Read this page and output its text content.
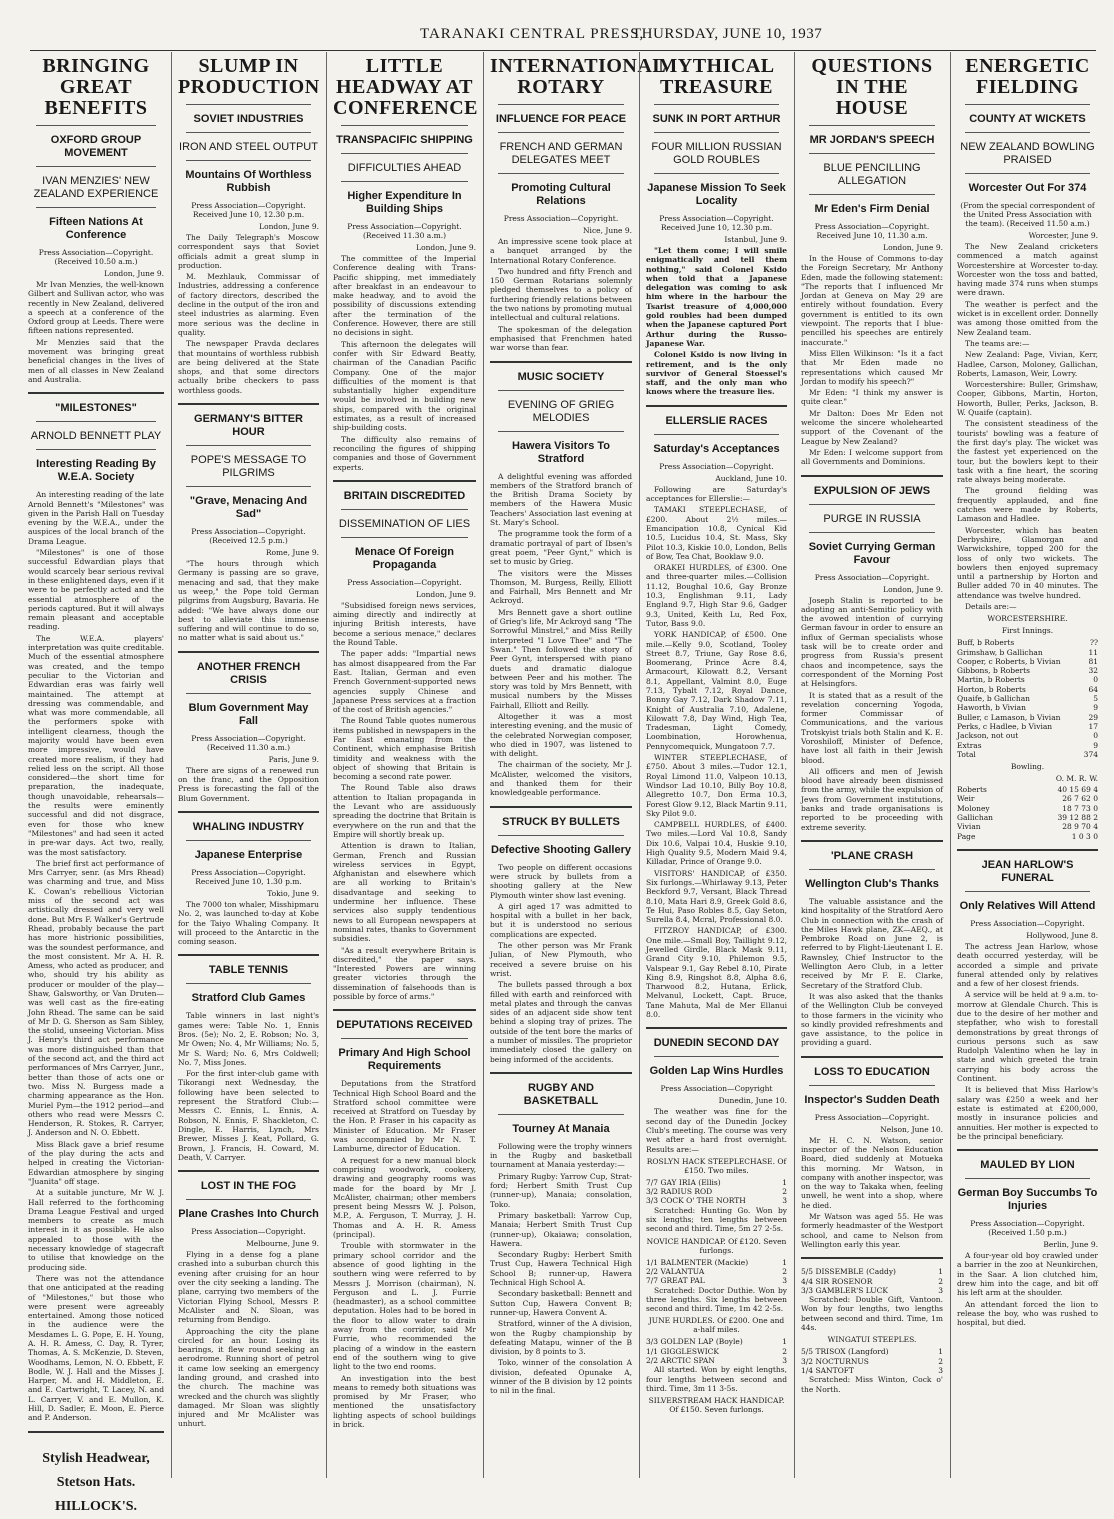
TARANAKI CENTRAL PRESS,
THURSDAY, JUNE 10, 1937
BRINGING GREAT BENEFITS
OXFORD GROUP MOVEMENT
IVAN MENZIES' NEW ZEALAND EXPERIENCE
Fifteen Nations At Conference
Press Association—Copyright. (Received 10.50 a.m.)
London, June 9.

Mr Ivan Menzies, the well-known Gilbert and Sullivan actor, who was recently in New Zealand, delivered a speech at a conference of the Oxford group at Leeds. There were fifteen nations represented.

Mr Menzies said that the movement was bringing great beneficial changes in the lives of men of all classes in New Zealand and Australia.

"MILESTONES"
ARNOLD BENNETT PLAY
Interesting Reading By W.E.A. Society

An interesting reading of the late Arnold Bennett's "Milestones" was given in the Parish Hall on Tuesday evening by the W.E.A., under the auspices of the local branch of the Drama League.

"Milestones" is one of those successful Edwardian plays that would scarcely bear serious revival in these enlightened days, even if it were to be perfectly acted and the essential atmosphere of the periods captured. But it will always remain pleasant and acceptable reading.

The W.E.A. players' interpretation was quite creditable. Much of the essential atmosphere was created, and the tempo peculiar to the Victorian and Edwardian eras was fairly well maintained. The attempt at dressing was commendable, and what was more commendable, all the performers spoke with intelligent clearness, though the majority would have been even more impressive, would have created more realism, if they had relied less on the script. All those considered—the short time for preparation, the inadequate, though unavoidable, rehearsals—the results were eminently successful and did not disgrace, even for those who knew "Milestones" and had seen it acted in pre-war days. Act two, really, was the most satisfactory.

The brief first act performance of Mrs Carryer, senr. (as Mrs Rhead) was charming and true, and Miss K. Cowan's rebellious Victorian miss of the second act was artistically dressed and very well done. But Mrs F. Walker's Gertrude Rhead, probably because the part has more histrionic possibilities, was the soundest performance, and the most consistent. Mr A. H. R. Amess, who acted as producer, and who, should try his ability as producer or moulder of the play—Shaw, Galsworthy, or Van Druten—was well cast as the fire-eating John Rhead. The same can be said of Mr D. G. Sherson as Sam Sibley, the stolid, unseeing Victorian. Miss J. Henry's third act performance was more distinguished than that of the second act, and the third act performances of Mrs Carryer, Junr., better than those of acts one or two. Miss N. Burgess made a charming appearance as the Hon. Muriel Pym—the 1912 period—and others who read were Messrs C. Henderson, R. Stokes, R. Carryer, J. Anderson and N. O. Ebbett.

Miss Black gave a brief resume of the play during the acts and helped in creating the Victorian-Edwardian atmosphere by singing "Juanita" off stage.

At a suitable juncture, Mr W. J. Hall referred to the forthcoming Drama League Festival and urged members to create as much interest in it as possible. He also appealed to those with the necessary knowledge of stagecraft to utilise that knowledge on the producing side.

There was not the attendance that one anticipated at the reading of "Milestones," but those who were present were agreeably entertained. Among those noticed in the audience were the Mesdames L. G. Pope, E. H. Young, A. H. R. Amess, C. Day, R. Tyrer, Thomas, A. S. McKenzie, D. Steven, Woodhams, Lemon, N. O. Ebbett, F. Bodle, W. J. Hall and the Misses J. Harper, M. and H. Middleton, E. and E. Cartwright, T. Lacey, N. and L. Carryer, V. and E. Mullon, K. Hill, D. Sadler, E. Moon, E. Pierce and P. Anderson.

Stylish Headwear,
Stetson Hats.
HILLOCK'S.
SLUMP IN PRODUCTION
SOVIET INDUSTRIES
IRON AND STEEL OUTPUT
Mountains Of Worthless Rubbish
Press Association—Copyright. Received June 10, 12.30 p.m.
London, June 9.

The Daily Telegraph's Moscow correspondent says that Soviet officials admit a great slump in production.

M. Mezhlauk, Commissar of Industries, addressing a conference of factory directors, described the decline in the output of the iron and steel industries as alarming. Even more serious was the decline in quality.

The newspaper Pravda declares that mountains of worthless rubbish are being delivered at the State shops, and that some directors actually bribe checkers to pass worthless goods.

GERMANY'S BITTER HOUR
POPE'S MESSAGE TO PILGRIMS
"Grave, Menacing And Sad"
Press Association—Copyright. (Received 12.5 p.m.)
Rome, June 9.

"The hours through which Germany is passing are so grave, menacing and sad, that they make us weep," the Pope told German pilgrims from Augsburg, Bavaria. He added: "We have always done our best to alleviate this immense suffering and will continue to do so, no matter what is said about us."

ANOTHER FRENCH CRISIS
Blum Government May Fall
Press Association—Copyright. (Received 11.30 a.m.)
Paris, June 9.

There are signs of a renewed run on the franc, and the Opposition Press is forecasting the fall of the Blum Government.

WHALING INDUSTRY
Japanese Enterprise
Press Association—Copyright. Received June 10, 1.30 p.m.
Tokio, June 9.

The 7000 ton whaler, Misshipmaru No. 2, was launched to-day at Kobe for the Taiyo Whaling Company. It will proceed to the Antarctic in the coming season.

TABLE TENNIS
Stratford Club Games

Table winners in last night's games were: Table No. 1, Ennis Bros. (5e); No. 2, E. Robson; No. 3, Mr Owen; No. 4, Mr Williams; No. 5, Mr S. Ward; No. 6, Mrs Coldwell; No. 7, Miss Jones.

For the first inter-club game with Tikorangi next Wednesday, the following have been selected to represent the Stratford Club:—Messrs C. Ennis, L. Ennis, A. Robson, N. Ennis, F. Shackleton, C. Dingle, E. Harris, Lynch, Mrs Brewer, Misses J. Keat, Pollard, G. Brown, J. Francis, H. Coward, M. Death, V. Carryer.

LOST IN THE FOG
Plane Crashes Into Church
Press Association—Copyright.
Melbourne, June 9.

Flying in a dense fog a plane crashed into a suburban church this evening after cruising for an hour over the city seeking a landing. The plane, carrying two members of the Victorian Flying School, Messrs P. McAlister and N. Sloan, was returning from Bendigo.

Approaching the city the plane circled for an hour. Losing its bearings, it flew round seeking an aerodrome. Running short of petrol it came low seeking an emergency landing ground, and crashed into the church. The machine was wrecked and the church was slightly damaged. Mr Sloan was slightly injured and Mr McAlister was unhurt.

LITTLE HEADWAY AT CONFERENCE
TRANSPACIFIC SHIPPING
DIFFICULTIES AHEAD
Higher Expenditure In Building Ships
Press Association—Copyright. (Received 11.30 a.m.)
London, June 9.

The committee of the Imperial Conference dealing with Trans-Pacific shipping, met immediately after breakfast in an endeavour to make headway, and to avoid the possibility of discussions extending after the termination of the Conference. However, there are still no decisions in sight.

This afternoon the delegates will confer with Sir Edward Beatty, chairman of the Canadian Pacific Company. One of the major difficulties of the moment is that substantially higher expenditure would be involved in building new ships, compared with the original estimates, as a result of increased ship-building costs.

The difficulty also remains of reconciling the figures of shipping companies and those of Government experts.

BRITAIN DISCREDITED
DISSEMINATION OF LIES
Menace Of Foreign Propaganda
Press Association—Copyright.
London, June 9.

"Subsidised foreign news services, aiming directly and indirectly at injuring British interests, have become a serious menace," declares the Round Table.

The paper adds: "Impartial news has almost disappeared from the Far East. Italian, German and even French Government-supported news agencies supply Chinese and Japanese Press services at a fraction of the cost of British agencies."

The Round Table quotes numerous items published in newspapers in the Far East emanating from the Continent, which emphasise British timidity and weakness with the object of showing that Britain is becoming a second rate power.

The Round Table also draws attention to Italian propaganda in the Levant who are assiduously spreading the doctrine that Britain is everywhere on the run and that the Empire will shortly break up.

Attention is drawn to Italian, German, French and Russian wireless services in Egypt, Afghanistan and elsewhere which are all working to Britain's disadvantage and seeking to undermine her influence. These services also supply tendentious news to all European newspapers at nominal rates, thanks to Government subsidies.

"As a result everywhere Britain is discredited," the paper says. "Interested Powers are winning greater victories through the dissemination of falsehoods than is possible by force of arms."

DEPUTATIONS RECEIVED
Primary And High School Requirements

Deputations from the Stratford Technical High School Board and the Stratford school committee were received at Stratford on Tuesday by the Hon. P. Fraser in his capacity as Minister of Education. Mr Fraser was accompanied by Mr N. T. Lamburne, director of Education.

A request for a new manual block comprising woodwork, cookery, drawing and geography rooms was made for the board by Mr J. McAlister, chairman; other members present being Messrs W. J. Polson, M.P., A. Ferguson, T. Murray, J. H. Thomas and A. H. R. Amess (principal).

Trouble with stormwater in the primary school corridor and the absence of good lighting in the southern wing were referred to by Messrs J. Morrison (chairman), N. Ferguson and L. J. Furrie (headmaster), as a school committee deputation. Holes had to be bored in the floor to allow water to drain away from the corridor, said Mr Furrie, who recommended the placing of a window in the eastern end of the southern wing to give light to the two end rooms.

An investigation into the best means to remedy both situations was promised by Mr Fraser, who mentioned the unsatisfactory lighting aspects of school buildings in brick.

INTERNATIONAL ROTARY
INFLUENCE FOR PEACE
FRENCH AND GERMAN DELEGATES MEET
Promoting Cultural Relations
Press Association—Copyright.
Nice, June 9.

An impressive scene took place at a banquet arranged by the International Rotary Conference.

Two hundred and fifty French and 150 German Rotarians solemnly pledged themselves to a policy of furthering friendly relations between the two nations by promoting mutual intellectual and cultural relations.

The spokesman of the delegation emphasised that Frenchmen hated war worse than fear.

MUSIC SOCIETY
EVENING OF GRIEG MELODIES
Hawera Visitors To Stratford

A delightful evening was afforded members of the Stratford branch of the British Drama Society by members of the Hawera Music Teachers' Association last evening at St. Mary's School.

The programme took the form of a dramatic portrayal of part of Ibsen's great poem, "Peer Gynt," which is set to music by Grieg.

The visitors were the Misses Thomson, M. Burgess, Reilly, Elliott and Fairhall, Mrs Bennett and Mr Ackroyd.

Mrs Bennett gave a short outline of Grieg's life, Mr Ackroyd sang "The Sorrowful Minstrel," and Miss Reilly interpreted "I Love Thee" and "The Swan." Then followed the story of Peer Gynt, interspersed with piano duets and dramatic dialogue between Peer and his mother. The story was told by Mrs Bennett, with musical numbers by the Misses Fairhall, Elliott and Reilly.

Altogether it was a most interesting evening, and the music of the celebrated Norwegian composer, who died in 1907, was listened to with delight.

The chairman of the society, Mr J. McAlister, welcomed the visitors, and thanked them for their knowledgeable performance.

STRUCK BY BULLETS
Defective Shooting Gallery

Two people on different occasions were struck by bullets from a shooting gallery at the New Plymouth winter show last evening.

A girl aged 17 was admitted to hospital with a bullet in her back, but it is understood no serious complications are expected.

The other person was Mr Frank Julian, of New Plymouth, who received a severe bruise on his wrist.

The bullets passed through a box filled with earth and reinforced with metal plates and through the canvas sides of an adjacent side show tent behind a sloping tray of prizes. The outside of the tent bore the marks of a number of missiles. The proprietor immediately closed the gallery on being informed of the accidents.

RUGBY AND BASKETBALL
Tourney At Manaia

Following were the trophy winners in the Rugby and basketball tournament at Manaia yesterday:—

Primary Rugby: Yarrow Cup, Strat-ford; Herbert Smith Trust Cup (runner-up), Manaia; consolation, Toko.

Primary basketball: Yarrow Cup, Manaia; Herbert Smith Trust Cup (runner-up), Okaiawa; consolation, Hawera.

Secondary Rugby: Herbert Smith Trust Cup, Hawera Technical High School B; runner-up, Hawera Technical High School A.

Secondary basketball: Bennett and Sutton Cup, Hawera Convent B; runner-up, Hawera Convent A.

Stratford, winner of the A division, won the Rugby championship by defeating Matapu, winner of the B division, by 8 points to 3.

Toko, winner of the consolation A division, defeated Opunake A, winner of the B division by 12 points to nil in the final.

MYTHICAL TREASURE
SUNK IN PORT ARTHUR
FOUR MILLION RUSSIAN GOLD ROUBLES
Japanese Mission To Seek Locality
Press Association—Copyright. Received June 10, 12.30 p.m.
Istanbul, June 9.

"Let them come; I will smile enigmatically and tell them nothing," said Colonel Ksido when told that a Japanese delegation was coming to ask him where in the harbour the Tsarist treasure of 4,000,000 gold roubles had been dumped when the Japanese captured Port Arthur during the Russo-Japanese War.

Colonel Ksido is now living in retirement, and is the only survivor of General Stoessel's staff, and the only man who knows where the treasure lies.

ELLERSLIE RACES
Saturday's Acceptances
Press Association—Copyright.
Auckland, June 10.

Following are Saturday's acceptances for Ellerslie:—

TAMAKI STEEPLECHASE, of £200. About 2½ miles.—Emancipation 10.8, Cynical Kid 10.5, Lucidus 10.4, St. Mass, Sky Pilot 10.3, Kiskie 10.0, London, Bells of Bow, Tea Chat, Booklaw 9.0.

ORAKEI HURDLES, of £300. One and three-quarter miles.—Collision 11.12, Boughal 10.6, Gay Bronze 10.3, Englishman 9.11, Lady England 9.7, High Star 9.6, Gadger 9.3, United, Keith Lu, Red Fox, Tutor, Bass 9.0.

YORK HANDICAP, of £500. One mile.—Kelly 9.0, Scotland, Tooley Street 8.7, Triune, Gay Rose 8.6, Boomerang, Prince Acre 8.4, Armacourt, Kilowatt 8.2, Versant 8.1, Appellant, Valmint 8.0, Euge 7.13, Tybalt 7.12, Royal Dance, Bonny Gay 7.12, Dark Shadow 7.11, Knight of Australia 7.10, Adalene, Kilowatt 7.8, Day Wind, High Tea, Tradesman, Light Comedy, Loombination, Horowhenua, Pennycomequick, Mungatoon 7.7.

WINTER STEEPLECHASE, of £750. About 3 miles.—Tudor 12.1, Royal Limond 11.0, Valpeon 10.13, Windsor Lad 10.10, Billy Boy 10.8, Allegretto 10.7, Don Erma 10.3, Forest Glow 9.12, Black Martin 9.11, Sky Pilot 9.0.

CAMPBELL HURDLES, of £400. Two miles.—Lord Val 10.8, Sandy Dix 10.6, Valpai 10.4, Huskie 9.10, High Quality 9.5, Modern Maid 9.4, Killadar, Prince of Orange 9.0.

VISITORS' HANDICAP, of £350. Six furlongs.—Whirlaway 9.13, Peter Beckford 9.7, Versant, Black Thread 8.10, Mata Hari 8.9, Greek Gold 8.6, Te Hui, Paso Robles 8.5, Gay Seton, Surella 8.4, Mcral, Professional 8.0.

FITZROY HANDICAP, of £300. One mile.—Small Boy, Taillight 9.12, Jewelled Girdle, Black Mask 9.11, Grand City 9.10, Philemon 9.5, Valspear 9.1, Gay Rebel 8.10, Pirate King 8.9, Ringshot 8.8, Alpha 8.6, Tharwood 8.2, Hutana, Erlick, Melvanul, Lockett, Capt. Bruce, Tane Mahuta, Mal de Mer Ellanui 8.0.

DUNEDIN SECOND DAY
Golden Lap Wins Hurdles
Press Association—Copyright
Dunedin, June 10.

The weather was fine for the second day of the Dunedin Jockey Club's meeting. The course was very wet after a hard frost overnight. Results are:—

ROSLYN HACK STEEPLECHASE. Of £150. Two miles.
7/7 GAY IRIA (Ellis)	1
3/2 RADIUS ROD	2
3/3 COCK O' THE NORTH	3

Scratched: Hunting Go. Won by six lengths; ten lengths between second and third. Time, 5m 27 2-5s.

NOVICE HANDICAP. Of £120. Seven furlongs.
1/1 BALMENTER (Mackie)	1
2/2 VALANTUA	2
7/7 GREAT PAL	3

Scratched: Doctor Duthie. Won by three lengths. Six lengths between second and third. Time, 1m 42 2-5s.

JUNE HURDLES. Of £200. One and a-half miles.
3/3 GOLDEN LAP (Boyle)	1
1/1 GIGGLESWICK	2
2/2 ARCTIC SPAN	3

All started. Won by eight lengths, four lengths between second and third. Time, 3m 11 3-5s.

SILVERSTREAM HACK HANDICAP. Of £150. Seven furlongs.
QUESTIONS IN THE HOUSE
MR JORDAN'S SPEECH
BLUE PENCILLING ALLEGATION
Mr Eden's Firm Denial
Press Association—Copyright. Received June 10, 11.30 a.m.
London, June 9.

In the House of Commons to-day the Foreign Secretary, Mr Anthony Eden, made the following statement: "The reports that I influenced Mr Jordan at Geneva on May 29 are entirely without foundation. Every government is entitled to its own viewpoint. The reports that I blue-pencilled his speeches are entirely inaccurate."

Miss Ellen Wilkinson: "Is it a fact that Mr Eden made no representations which caused Mr Jordan to modify his speech?"

Mr Eden: "I think my answer is quite clear."

Mr Dalton: Does Mr Eden not welcome the sincere wholehearted support of the Covenant of the League by New Zealand?

Mr Eden: I welcome support from all Governments and Dominions.

EXPULSION OF JEWS
PURGE IN RUSSIA
Soviet Currying German Favour
Press Association—Copyright.
London, June 9.

Joseph Stalin is reported to be adopting an anti-Semitic policy with the avowed intention of currying German favour in order to ensure an influx of German specialists whose task will be to create order and progress from Russia's present chaos and incompetence, says the correspondent of the Morning Post at Helsingfors.

It is stated that as a result of the revelation concerning Yogoda, former Commissar of Communications, and the various Trotskyist trials both Stalin and K. E. Voroshiloff, Minister of Defence, have lost all faith in their Jewish blood.

All officers and men of Jewish blood have already been dismissed from the army, while the expulsion of Jews from Government institutions, banks and trade organisations is reported to be proceeding with extreme severity.

'PLANE CRASH
Wellington Club's Thanks

The valuable assistance and the kind hospitality of the Stratford Aero Club in connection with the crash of the Miles Hawk plane, ZK—AEQ., at Pembroke Road on June 2, is referred to by Flight-Lieutenant I. E. Rawnsley, Chief Instructor to the Wellington Aero Club, in a letter received by Mr F. E. Clarke, Secretary of the Stratford Club.

It was also asked that the thanks of the Wellington Club be conveyed to those farmers in the vicinity who so kindly provided refreshments and gave assistance, to the police in providing a guard.

LOSS TO EDUCATION
Inspector's Sudden Death
Press Association—Copyright.
Nelson, June 10.

Mr H. C. N. Watson, senior inspector of the Nelson Education Board, died suddenly at Motueka this morning. Mr Watson, in company with another inspector, was on the way to Takaka when, feeling unwell, he went into a shop, where he died.

Mr Watson was aged 55. He was formerly headmaster of the Westport school, and came to Nelson from Wellington early this year.

5/5 DISSEMBLE (Caddy)	1
4/4 SIR ROSENOR	2
3/3 GAMBLER'S LUCK	3

Scratched: Double Gift, Vantoon. Won by four lengths, two lengths between second and third. Time, 1m 44s.

WINGATUI STEEPLES.
5/5 TRISOX (Langford)	1
3/2 NOCTURNUS	2
1/4 SANTOFT	3

Scratched: Miss Winton, Cock o' the North.

ENERGETIC FIELDING
COUNTY AT WICKETS
NEW ZEALAND BOWLING PRAISED
Worcester Out For 374
(From the special correspondent of the United Press Association with the team). (Received 11.50 a.m.)
Worcester, June 9.

The New Zealand cricketers commenced a match against Worcestershire at Worcester to-day. Worcester won the toss and batted, having made 374 runs when stumps were drawn.

The weather is perfect and the wicket is in excellent order. Donnelly was among those omitted from the New Zealand team.

The teams are:—

New Zealand: Page, Vivian, Kerr, Hadlee, Carson, Moloney, Gallichan, Roberts, Lamason, Weir, Lowry.

Worcestershire: Buller, Grimshaw, Cooper, Gibbons, Martin, Horton, Howorth, Buller, Perks, Jackson, B. W. Quaife (captain).

The consistent steadiness of the tourists' bowling was a feature of the first day's play. The wicket was the fastest yet experienced on the tour, but the bowlers kept to their task with a fine heart, the scoring rate always being moderate.

The ground fielding was frequently applauded, and fine catches were made by Roberts, Lamason and Hadlee.

Worcester, which has beaten Derbyshire, Glamorgan and Warwickshire, topped 200 for the loss of only two wickets. The bowlers then enjoyed supremacy until a partnership by Horton and Buller added 70 in 40 minutes. The attendance was twelve hundred.

Details are:—

WORCESTERSHIRE.
First Innings.
Buff, b Roberts	??
Grimshaw, b Gallichan	11
Cooper, c Roberts, b Vivian	81
Gibbons, b Roberts	32
Martin, b Roberts	0
Horton, b Roberts	64
Quaife, b Gallichan	5
Haworth, b Vivian	9
Buller, c Lamason, b Vivian	29
Perks, c Hadlee, b Vivian	17
Jackson, not out	0
Extras	9
Total	374
Bowling.
O. M. R. W.
Roberts	40 15 69 4
Weir	26 7 62 0
Moloney	18 7 73 0
Gallichan	39 12 88 2
Vivian	28 9 70 4
Page	1 0 3 0
JEAN HARLOW'S FUNERAL
Only Relatives Will Attend
Press Association—Copyright.
Hollywood, June 8.

The actress Jean Harlow, whose death occurred yesterday, will be accorded a simple and private funeral attended only by relatives and a few of her closest friends.

A service will be held at 9 a.m. to-morrow at Glendale Church. This is due to the desire of her mother and stepfather, who wish to forestall demonstrations by great throngs of curious persons such as saw Rudolph Valentino when he lay in state and which greeted the train carrying his body across the Continent.

It is believed that Miss Harlow's salary was £250 a week and her estate is estimated at £200,000, mostly in insurance policies and annuities. Her mother is expected to be the principal beneficiary.

MAULED BY LION
German Boy Succumbs To Injuries
Press Association—Copyright. (Received 1.50 p.m.)
Berlin, June 9.

A four-year old boy crawled under a barrier in the zoo at Neunkirchen, in the Saar. A lion clutched him, drew him into the cage, and bit off his left arm at the shoulder.

An attendant forced the lion to release the boy, who was rushed to hospital, but died.
